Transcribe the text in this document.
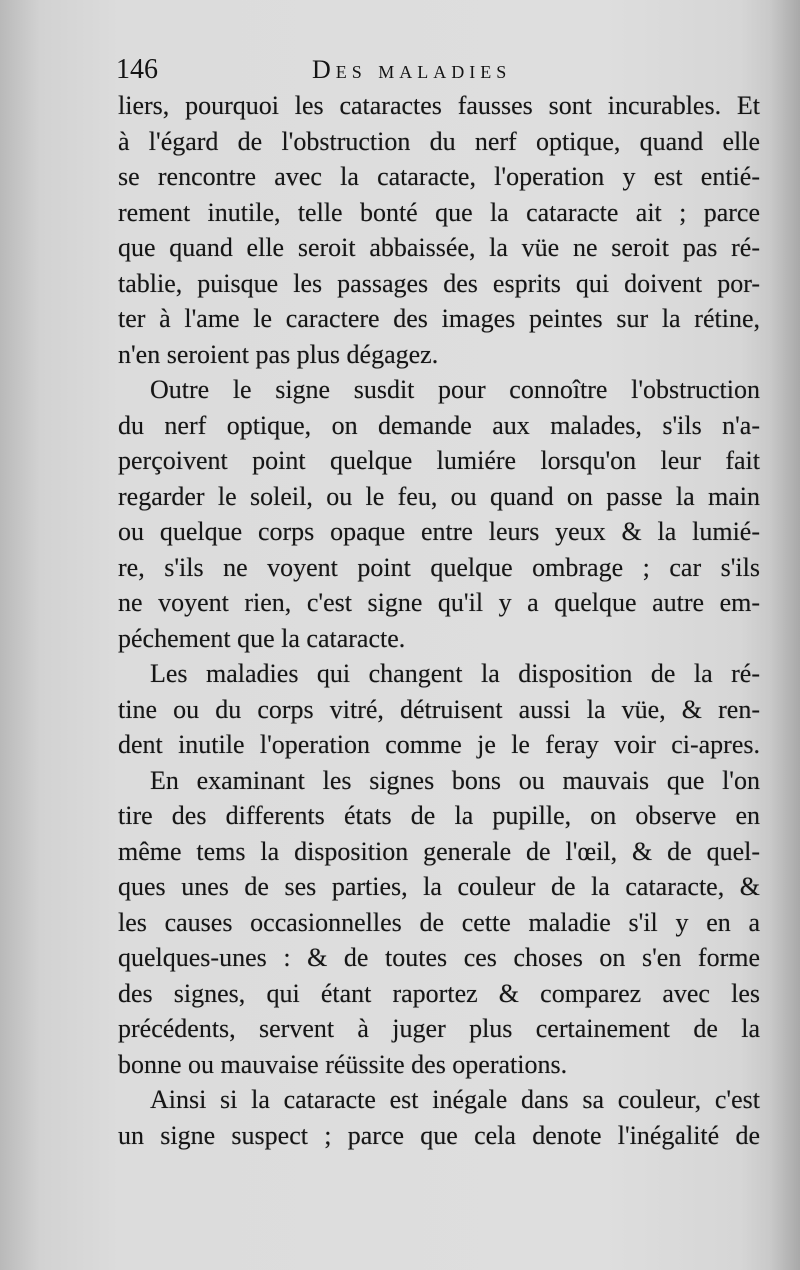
146	Des maladies
liers, pourquoi les cataractes fausses sont incurables. Et
à l'égard de l'obstruction du nerf optique, quand elle
se rencontre avec la cataracte, l'operation y est entié-
rement inutile, telle bonté que la cataracte ait ; parce
que quand elle seroit abbaissée, la vüe ne seroit pas ré-
tablie, puisque les passages des esprits qui doivent por-
ter à l'ame le caractere des images peintes sur la rétine,
n'en seroient pas plus dégagez.
Outre le signe susdit pour connoître l'obstruction
du nerf optique, on demande aux malades, s'ils n'a-
perçoivent point quelque lumiére lorsqu'on leur fait
regarder le soleil, ou le feu, ou quand on passe la main
ou quelque corps opaque entre leurs yeux & la lumié-
re, s'ils ne voyent point quelque ombrage ; car s'ils
ne voyent rien, c'est signe qu'il y a quelque autre em-
péchement que la cataracte.
Les maladies qui changent la disposition de la ré-
tine ou du corps vitré, détruisent aussi la vüe, & ren-
dent inutile l'operation comme je le feray voir ci-apres.
En examinant les signes bons ou mauvais que l'on
tire des differents états de la pupille, on observe en
même tems la disposition generale de l'œil, & de quel-
ques unes de ses parties, la couleur de la cataracte, &
les causes occasionnelles de cette maladie s'il y en a
quelques-unes : & de toutes ces choses on s'en forme
des signes, qui étant raportez & comparez avec les
précédents, servent à juger plus certainement de la
bonne ou mauvaise réüssite des operations.
Ainsi si la cataracte est inégale dans sa couleur, c'est
un signe suspect ; parce que cela denote l'inégalité de
